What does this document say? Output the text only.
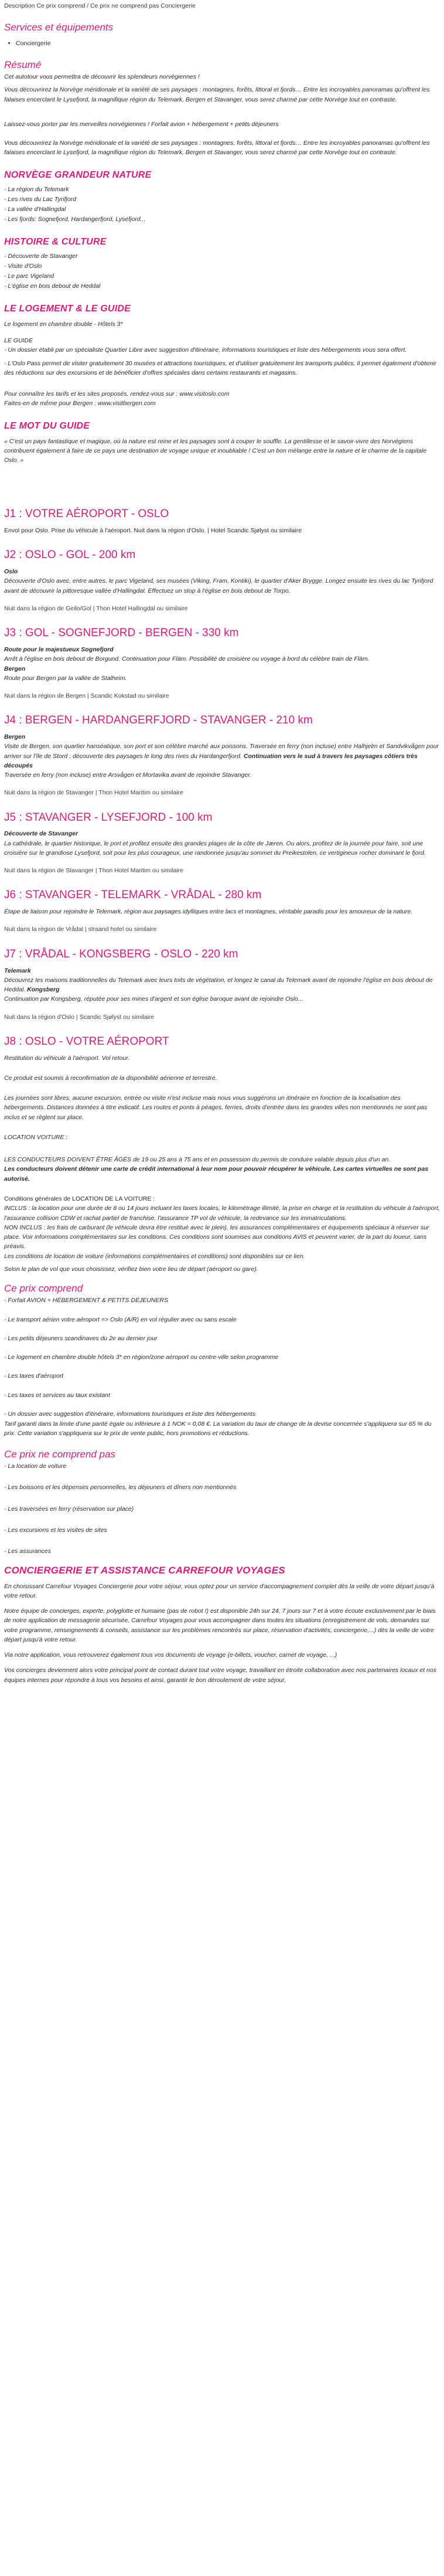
Description Ce prix comprend / Ce prix ne comprend pas Conciergerie
Services et équipements
• Conciergerie
Résumé

Cet autotour vous permettra de découvrir les splendeurs norvégiennes !

Vous découvrirez la Norvège méridionale et la variété de ses paysages : montagnes, forêts, littoral et fjords… Entre les incroyables panoramas qu'offrent les falaises encerclant le Lysefjord, la magnifique région du Telemark, Bergen et Stavanger, vous serez charmé par cette Norvège tout en contraste.

Laissez-vous porter par les merveilles norvégiennes ! Forfait avion + hébergement + petits déjeuners

Vous découvrirez la Norvège méridionale et la variété de ses paysages : montagnes, forêts, littoral et fjords… Entre les incroyables panoramas qu'offrent les falaises encerclant le Lysefjord, la magnifique région du Telemark, Bergen et Stavanger, vous serez charmé par cette Norvège tout en contraste.

NORVÈGE GRANDEUR NATURE
- La région du Telemark
- Les rives du Lac Tyrifjord
- La vallée d'Hallingdal
- Les fjords: Sognefjord, Hardangerfjord, Lysefjord...
HISTOIRE & CULTURE
- Découverte de Stavanger
- Visite d'Oslo
- Le parc Vigeland
- L'église en bois debout de Heddal
LE LOGEMENT & LE GUIDE

Le logement en chambre double - Hôtels 3*

LE GUIDE

- Un dossier établi par un spécialiste Quartier Libre avec suggestion d'itinéraire, informations touristiques et liste des hébergements vous sera offert.

- L'Oslo Pass permet de visiter gratuitement 30 musées et attractions touristiques, et d'utiliser gratuitement les transports publics. Il permet également d'obtenir des réductions sur des excursions et de bénéficier d'offres spéciales dans certains restaurants et magasins.

Pour connaître les tarifs et les sites proposés, rendez-vous sur : www.visitoslo.com

Faites-en de même pour Bergen : www.visitbergen.com

LE MOT DU GUIDE

« C'est un pays fantastique et magique, où la nature est reine et les paysages sont à couper le souffle. La gentillesse et le savoir-vivre des Norvégiens contribuent également à faire de ce pays une destination de voyage unique et inoubliable ! C'est un bon mélange entre la nature et le charme de la capitale Oslo. »

J1 : VOTRE AÉROPORT - OSLO

Envol pour Oslo. Prise du véhicule à l'aéroport. Nuit dans la région d'Oslo. | Hotel Scandic Sjølyst ou similaire

J2 : OSLO - GOL - 200 km
Oslo

Découverte d'Oslo avec, entre autres, le parc Vigeland, ses musées (Viking, Fram, Kontiki), le quartier d'Aker Brygge. Longez ensuite les rives du lac Tyrifjord avant de découvrir la pittoresque vallée d'Hallingdal. Effectuez un stop à l'église en bois debout de Torpo.

Nuit dans la région de Geilo/Gol | Thon Hotel Hallingdal ou similaire

J3 : GOL - SOGNEFJORD - BERGEN - 330 km
Route pour le majestueux Sognefjord

Arrêt à l'église en bois debout de Borgund. Continuation pour Fläm. Possibilité de croisière ou voyage à bord du célèbre train de Fläm.

Bergen

Route pour Bergen par la vallée de Stalheim.

Nuit dans la région de Bergen | Scandic Kokstad ou similaire

J4 : BERGEN - HARDANGERFJORD - STAVANGER - 210 km
Bergen

Visite de Bergen, son quartier hanséatique, son port et son célèbre marché aux poissons. Traversée en ferry (non incluse) entre Halhjelm et Sandvikvågen pour arriver sur l'île de Stord ; découverte des paysages le long des rives du Hardangerfjord. Continuation vers le sud à travers les paysages côtiers très découpés

Traversée en ferry (non incluse) entre Arsvågen et Mortavika avant de rejoindre Stavanger.

Nuit dans la région de Stavanger | Thon Hotel Maritim ou similaire

J5 : STAVANGER - LYSEFJORD - 100 km
Découverte de Stavanger

La cathédrale, le quartier historique, le port et profitez ensuite des grandes plages de la côte de Jæren. Ou alors, profitez de la journée pour faire, soit une croisière sur le grandiose Lysefjord, soit pour les plus courageux, une randonnée jusqu'au sommet du Preikestolen, ce vertigineux rocher dominant le fjord.

Nuit dans la région de Stavanger | Thon Hotel Maritim ou similaire

J6 : STAVANGER - TELEMARK - VRÅDAL - 280 km

Étape de liaison pour rejoindre le Telemark, région aux paysages idylliques entre lacs et montagnes, véritable paradis pour les amoureux de la nature.

Nuit dans la région de Vrådal | straand hotel ou similaire

J7 : VRÅDAL - KONGSBERG - OSLO - 220 km
Telemark

Découvrez les maisons traditionnelles du Telemark avec leurs toits de végétation, et longez le canal du Telemark avant de rejoindre l'église en bois debout de Heddal. Kongsberg

Continuation par Kongsberg, réputée pour ses mines d'argent et son église baroque avant de rejoindre Oslo...

Nuit dans la région d'Oslo | Scandic Sjølyst ou similaire

J8 : OSLO - VOTRE AÉROPORT

Restitution du véhicule à l'aéroport. Vol retour.

Ce produit est soumis à reconfirmation de la disponibilité aérienne et terrestre.

Les journées sont libres, aucune excursion, entrée ou visite n'est incluse mais nous vous suggérons un itinéraire en fonction de la localisation des hébergements. Distances données à titre indicatif. Les routes et ponts à péages, ferries, droits d'entrée dans les grandes villes non mentionnés ne sont pas inclus et se règlent sur place.

LOCATION VOITURE :

LES CONDUCTEURS DOIVENT ÊTRE ÂGÉS de 19 ou 25 ans à 75 ans et en possession du permis de conduire valable depuis plus d'un an.

Les conducteurs doivent détenir une carte de crédit international à leur nom pour pouvoir récupérer le véhicule. Les cartes virtuelles ne sont pas autorisé.

Conditions générales de LOCATION DE LA VOITURE :

INCLUS : la location pour une durée de 8 ou 14 jours incluant les taxes locales, le kilométrage illimité, la prise en charge et la restitution du véhicule à l'aéroport, l'assurance collision CDW et rachat partiel de franchise, l'assurance TP vol de véhicule, la redevance sur les immatriculations.

NON INCLUS : les frais de carburant (le véhicule devra être restitué avec le plein), les assurances complémentaires et équipements spéciaux à réserver sur place. Voir informations complémentaires sur les conditions. Ces conditions sont soumises aux conditions AVIS et peuvent varier, de la part du loueur, sans préavis.

Les conditions de location de voiture (informations complémentaires et conditions) sont disponibles sur ce lien.

Selon le plan de vol que vous choisissez, vérifiez bien votre lieu de départ (aéroport ou gare).

Ce prix comprend
- Forfait AVION + HÉBERGEMENT & PETITS DÉJEUNERS
- Le transport aérien votre aéroport => Oslo (A/R) en vol régulier avec ou sans escale
- Les petits déjeuners scandinaves du 2e au dernier jour
- Le logement en chambre double hôtels 3* en région/zone aéroport ou centre-ville selon programme
- Les taxes d'aéroport
- Les taxes et services au taux existant
- Un dossier avec suggestion d'itinéraire, informations touristiques et liste des hébergements

Tarif garanti dans la limite d'une parité égale ou inférieure à 1 NOK = 0,08 €. La variation du taux de change de la devise concernée s'appliquera sur 65 % du prix. Cette variation s'appliquera sur le prix de vente public, hors promotions et réductions.

Ce prix ne comprend pas
- La location de voiture
- Les boissons et les dépenses personnelles, les déjeuners et dîners non mentionnés
- Les traversées en ferry (réservation sur place)
- Les excursions et les visites de sites
- Les assurances
CONCIERGERIE ET ASSISTANCE CARREFOUR VOYAGES

En choisissant Carrefour Voyages Conciergerie pour votre séjour, vous optez pour un service d'accompagnement complet dès la veille de votre départ jusqu'à votre retour.

Notre équipe de concierges, experte, polyglotte et humaine (pas de robot !) est disponible 24h sur 24, 7 jours sur 7 et à votre écoute exclusivement par le biais de notre application de messagerie sécurisée, Carrefour Voyages pour vous accompagner dans toutes les situations (enregistrement de vols, demandes sur votre programme, renseignements & conseils, assistance sur les problèmes rencontrés sur place, réservation d'activités, conciergerie,...) dès la veille de votre départ jusqu'à votre retour.

Via notre application, vous retrouverez également tous vos documents de voyage (e-billets, voucher, carnet de voyage, ...)

Vos concierges deviennent alors votre principal point de contact durant tout votre voyage, travaillant en étroite collaboration avec nos partenaires locaux et nos équipes internes pour répondre à tous vos besoins et ainsi, garantir le bon déroulement de votre séjour.
